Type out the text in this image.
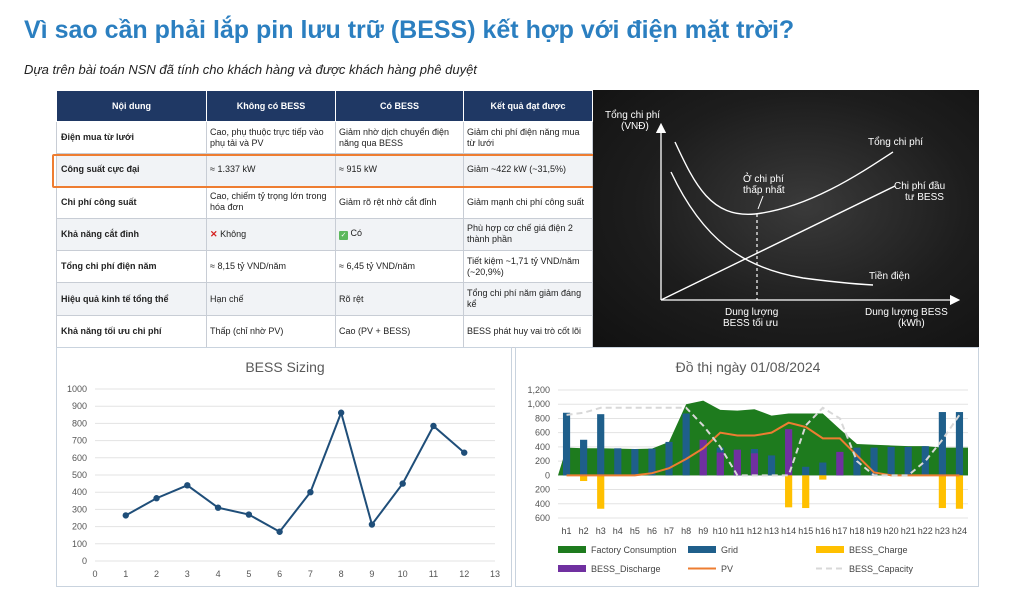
Vì sao cần phải lắp pin lưu trữ (BESS) kết hợp với điện mặt trời?
Dựa trên bài toán NSN đã tính cho khách hàng và được khách hàng phê duyệt
Nội dung	Không có BESS	Có BESS	Kết quả đạt được
Điện mua từ lưới	Cao, phụ thuộc trực tiếp vào phụ tải và PV	Giảm nhờ dịch chuyển điện năng qua BESS	Giảm chi phí điện năng mua từ lưới
Công suất cực đại	≈ 1.337 kW	≈ 915 kW	Giảm ~422 kW (~31,5%)
Chi phí công suất	Cao, chiếm tỷ trọng lớn trong hóa đơn	Giảm rõ rệt nhờ cắt đỉnh	Giảm mạnh chi phí công suất
Khả năng cắt đỉnh	✕ Không	✓ Có	Phù hợp cơ chế giá điện 2 thành phần
Tổng chi phí điện năm	≈ 8,15 tỷ VND/năm	≈ 6,45 tỷ VND/năm	Tiết kiệm ~1,71 tỷ VND/năm (~20,9%)
Hiệu quả kinh tế tổng thể	Hạn chế	Rõ rệt	Tổng chi phí năm giảm đáng kể
Khả năng tối ưu chi phí	Thấp (chỉ nhờ PV)	Cao (PV + BESS)	BESS phát huy vai trò cốt lõi
Tổng chi phí
(VNĐ)
Tổng chi phí
Chi phí đầu
tư BESS
Tiền điện
Ở chi phí
thấp nhất
Dung lượng
BESS tối ưu
Dung lượng BESS
(kWh)
BESS Sizing
0
100
200
300
400
500
600
700
800
900
1000
0	1	2	3	4	5	6	7	8	9	10 11 12 13
Đồ thị ngày 01/08/2024
1,200
1,000
800
600
400
200
0
200
400
600
h1 h2 h3 h4 h5 h6 h7 h8 h9 h10 h11 h12 h13 h14 h15 h16 h17 h18 h19 h20 h21 h22 h23 h24
Factory Consumption	Grid	BESS_Charge
BESS_Discharge	PV	BESS_Capacity
